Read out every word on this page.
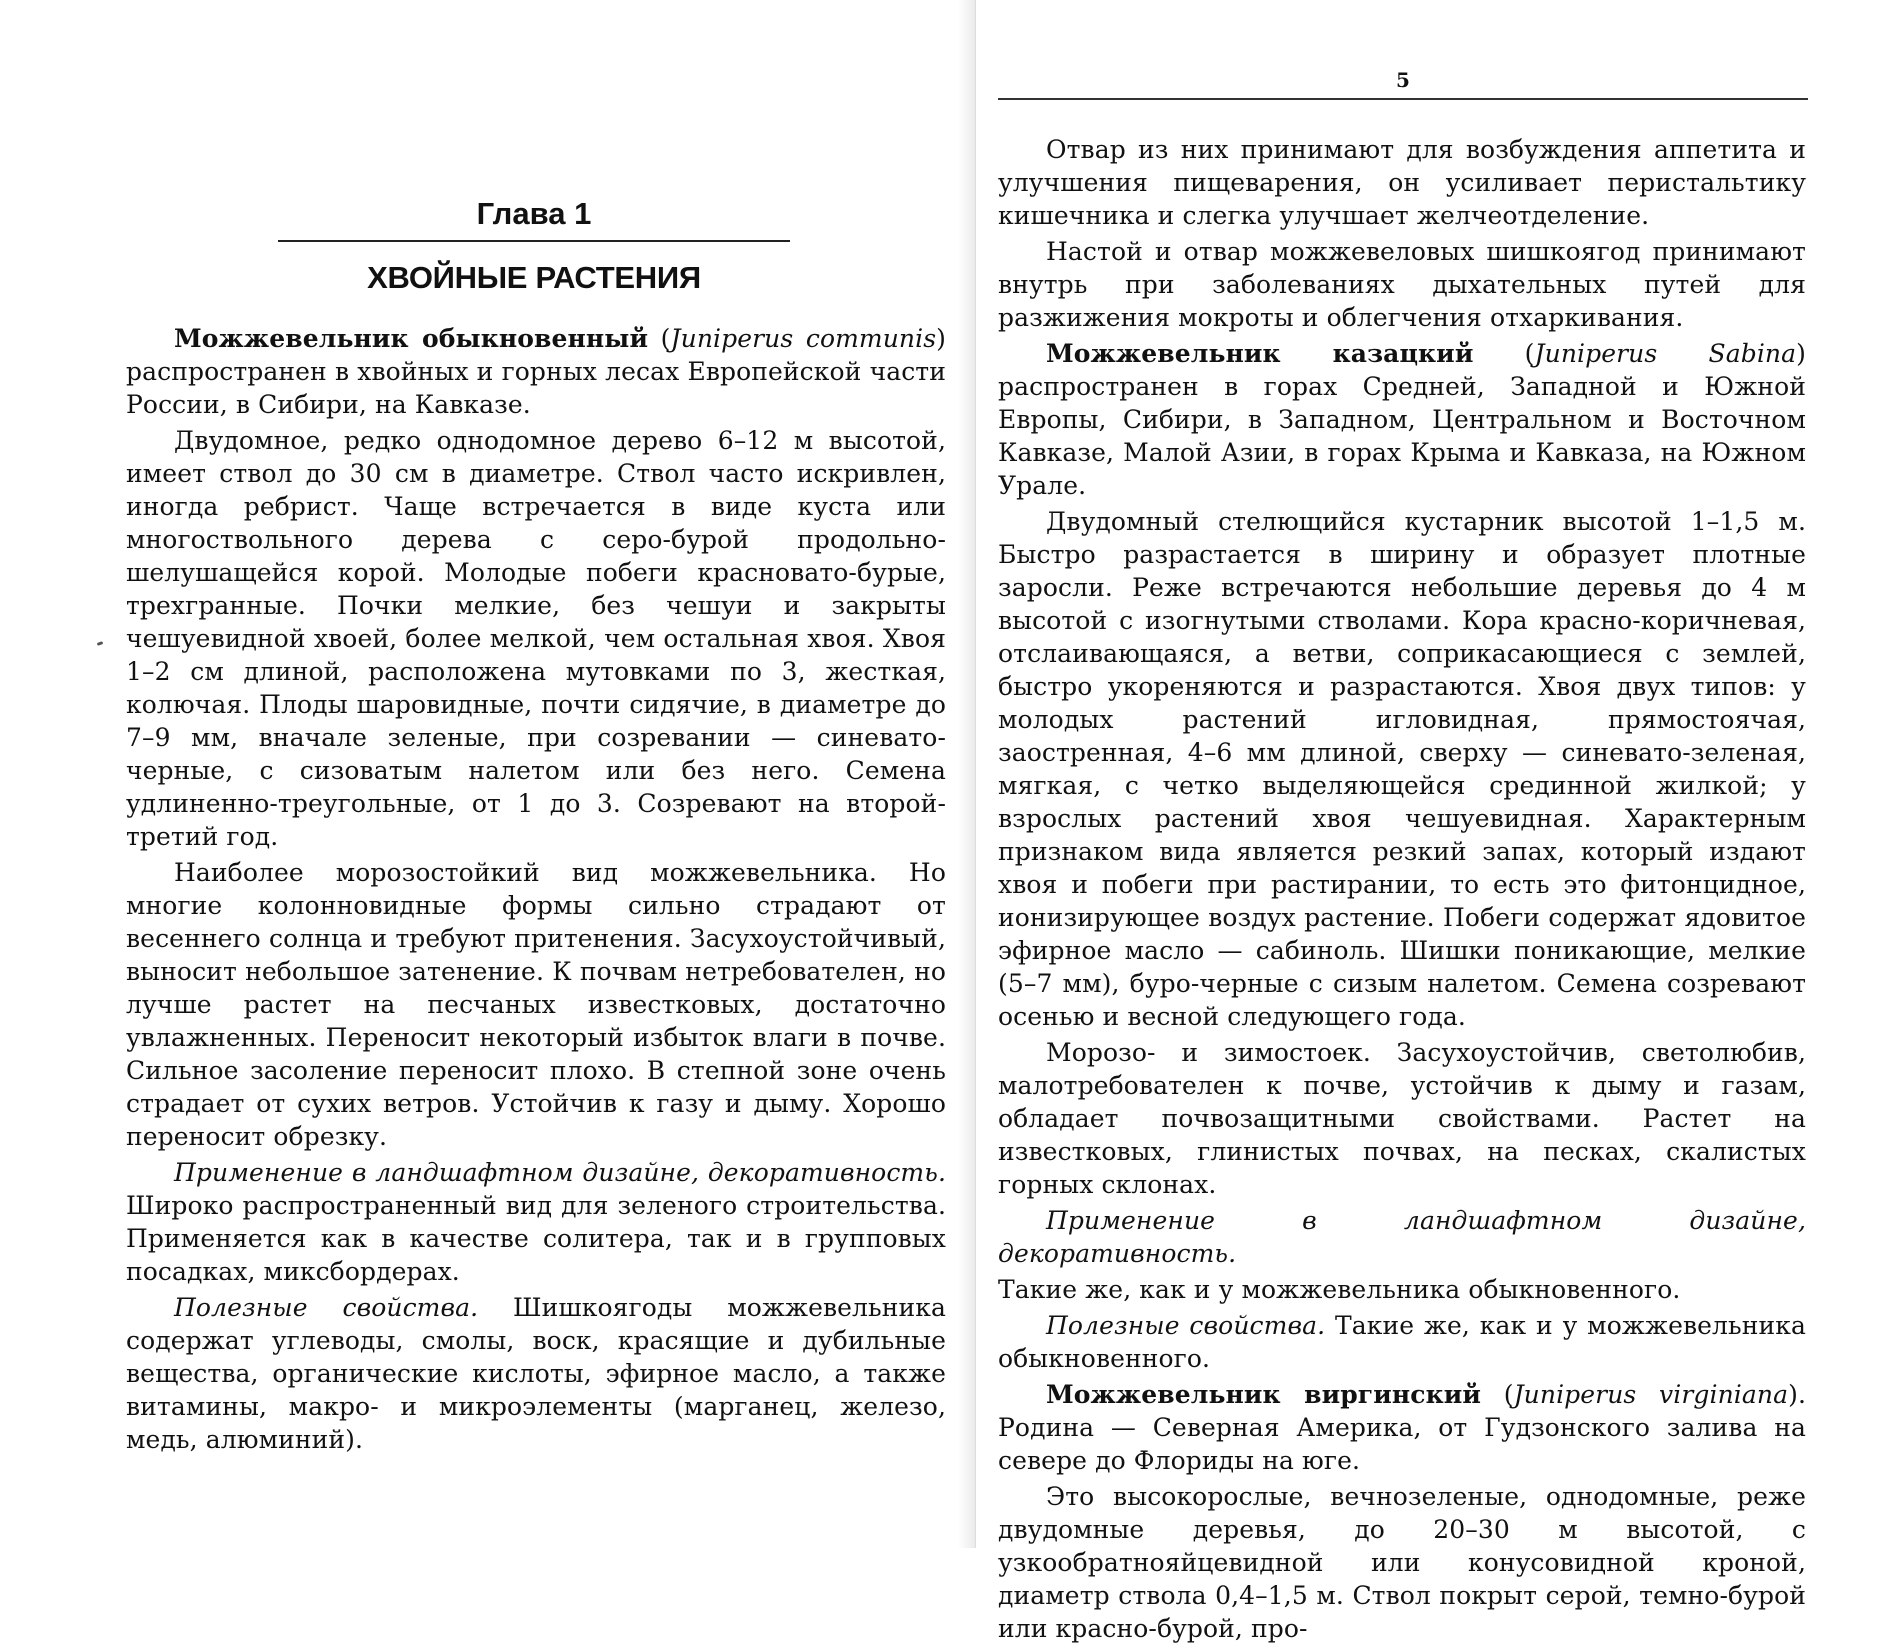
Глава 1
ХВОЙНЫЕ РАСТЕНИЯ

Можжевельник обыкновенный (Juniperus communis) распространен в хвойных и горных лесах Европейской части России, в Сибири, на Кавказе.

Двудомное, редко однодомное дерево 6–12 м высотой, имеет ствол до 30 см в диаметре. Ствол часто искривлен, иногда ребрист. Чаще встречается в виде куста или многоствольного дерева с серо-бурой продольно-шелушащейся корой. Молодые побеги красновато-бурые, трехгранные. Почки мелкие, без чешуи и закрыты чешуевидной хвоей, более мелкой, чем остальная хвоя. Хвоя 1–2 см длиной, расположена мутовками по 3, жесткая, колючая. Плоды шаровидные, почти сидячие, в диаметре до 7–9 мм, вначале зеленые, при созревании — синевато-черные, с сизоватым налетом или без него. Семена удлиненно-треугольные, от 1 до 3. Созревают на второй-третий год.

Наиболее морозостойкий вид можжевельника. Но многие колонновидные формы сильно страдают от весеннего солнца и требуют притенения. Засухоустойчивый, выносит небольшое затенение. К почвам нетребователен, но лучше растет на песчаных известковых, достаточно увлажненных. Переносит некоторый избыток влаги в почве. Сильное засоление переносит плохо. В степной зоне очень страдает от сухих ветров. Устойчив к газу и дыму. Хорошо переносит обрезку.

Применение в ландшафтном дизайне, декоративность. Широко распространенный вид для зеленого строительства. Применяется как в качестве солитера, так и в групповых посадках, миксбордерах.

Полезные свойства. Шишкоягоды можжевельника содержат углеводы, смолы, воск, красящие и дубильные вещества, органические кислоты, эфирное масло, а также витамины, макро- и микроэлементы (марганец, железо, медь, алюминий).

5

Отвар из них принимают для возбуждения аппетита и улучшения пищеварения, он усиливает перистальтику кишечника и слегка улучшает желчеотделение.

Настой и отвар можжевеловых шишкоягод принимают внутрь при заболеваниях дыхательных путей для разжижения мокроты и облегчения отхаркивания.

Можжевельник казацкий (Juniperus Sabina) распространен в горах Средней, Западной и Южной Европы, Сибири, в Западном, Центральном и Восточном Кавказе, Малой Азии, в горах Крыма и Кавказа, на Южном Урале.

Двудомный стелющийся кустарник высотой 1–1,5 м. Быстро разрастается в ширину и образует плотные заросли. Реже встречаются небольшие деревья до 4 м высотой с изогнутыми стволами. Кора красно-коричневая, отслаивающаяся, а ветви, соприкасающиеся с землей, быстро укореняются и разрастаются. Хвоя двух типов: у молодых растений игловидная, прямостоячая, заостренная, 4–6 мм длиной, сверху — синевато-зеленая, мягкая, с четко выделяющейся срединной жилкой; у взрослых растений хвоя чешуевидная. Характерным признаком вида является резкий запах, который издают хвоя и побеги при растирании, то есть это фитонцидное, ионизирующее воздух растение. Побеги содержат ядовитое эфирное масло — сабиноль. Шишки поникающие, мелкие (5–7 мм), буро-черные с сизым налетом. Семена созревают осенью и весной следующего года.

Морозо- и зимостоек. Засухоустойчив, светолюбив, малотребователен к почве, устойчив к дыму и газам, обладает почвозащитными свойствами. Растет на известковых, глинистых почвах, на песках, скалистых горных склонах.

Применение в ландшафтном дизайне, декоративность.

Такие же, как и у можжевельника обыкновенного.

Полезные свойства. Такие же, как и у можжевельника обыкновенного.

Можжевельник виргинский (Juniperus virginiana). Родина — Северная Америка, от Гудзонского залива на севере до Флориды на юге.

Это высокорослые, вечнозеленые, однодомные, реже двудомные деревья, до 20–30 м высотой, с узкообратнояйцевидной или конусовидной кроной, диаметр ствола 0,4–1,5 м. Ствол покрыт серой, темно-бурой или красно-бурой, про-
